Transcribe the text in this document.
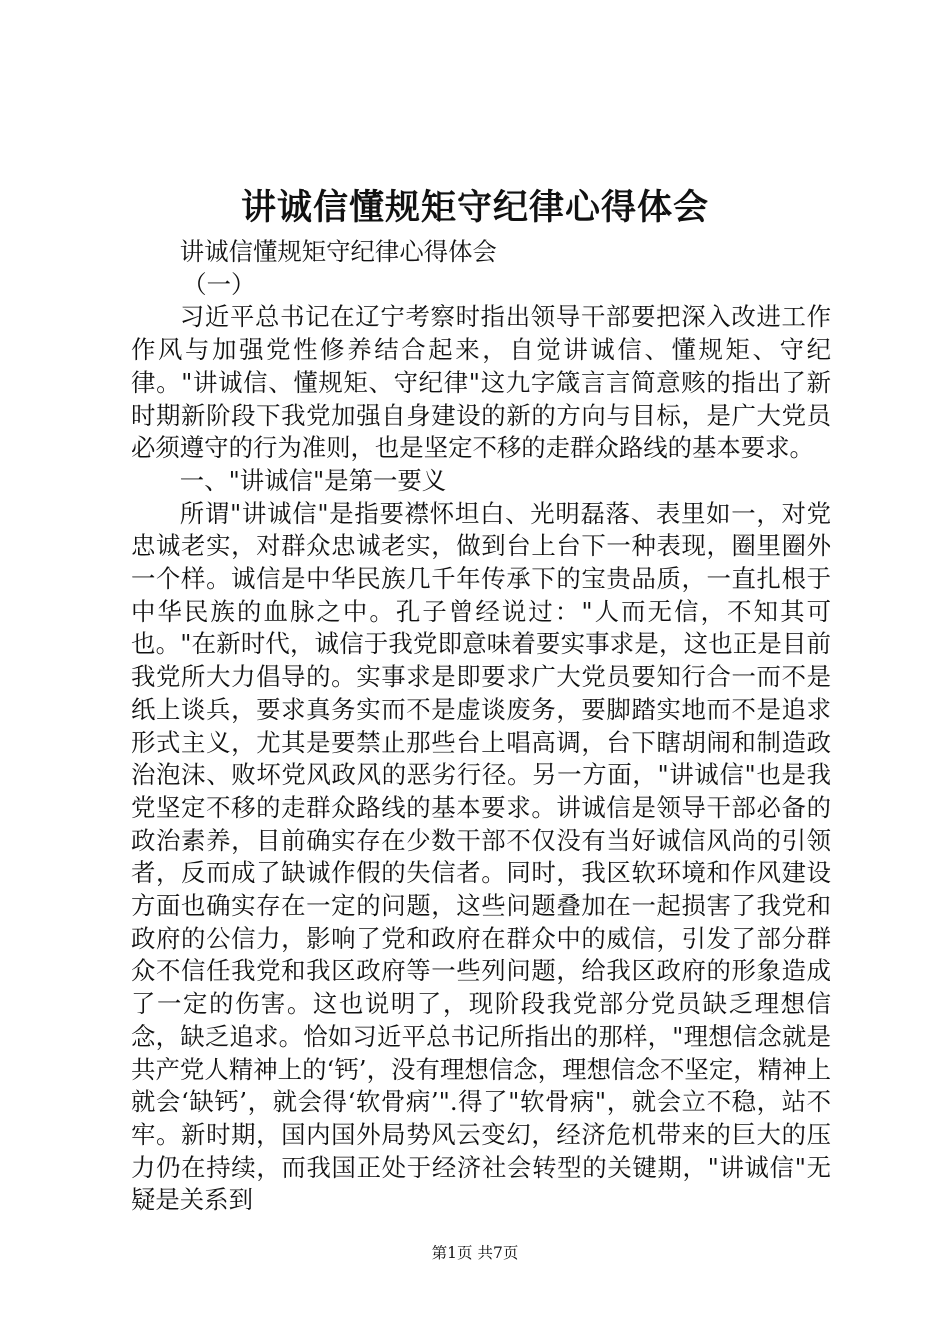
讲诚信懂规矩守纪律心得体会

讲诚信懂规矩守纪律心得体会

（一）

习近平总书记在辽宁考察时指出领导干部要把深入改进工作作风与加强党性修养结合起来，自觉讲诚信、懂规矩、守纪律。"讲诚信、懂规矩、守纪律"这九字箴言言简意赅的指出了新时期新阶段下我党加强自身建设的新的方向与目标，是广大党员必须遵守的行为准则，也是坚定不移的走群众路线的基本要求。

一、"讲诚信"是第一要义

所谓"讲诚信"是指要襟怀坦白、光明磊落、表里如一，对党忠诚老实，对群众忠诚老实，做到台上台下一种表现，圈里圈外一个样。诚信是中华民族几千年传承下的宝贵品质，一直扎根于中华民族的血脉之中。孔子曾经说过："人而无信，不知其可也。"在新时代，诚信于我党即意味着要实事求是，这也正是目前我党所大力倡导的。实事求是即要求广大党员要知行合一而不是纸上谈兵，要求真务实而不是虚谈废务，要脚踏实地而不是追求形式主义，尤其是要禁止那些台上唱高调，台下瞎胡闹和制造政治泡沫、败坏党风政风的恶劣行径。另一方面，"讲诚信"也是我党坚定不移的走群众路线的基本要求。讲诚信是领导干部必备的政治素养，目前确实存在少数干部不仅没有当好诚信风尚的引领者，反而成了缺诚作假的失信者。同时，我区软环境和作风建设方面也确实存在一定的问题，这些问题叠加在一起损害了我党和政府的公信力，影响了党和政府在群众中的威信，引发了部分群众不信任我党和我区政府等一些列问题，给我区政府的形象造成了一定的伤害。这也说明了，现阶段我党部分党员缺乏理想信念，缺乏追求。恰如习近平总书记所指出的那样，"理想信念就是共产党人精神上的‘钙’，没有理想信念，理想信念不坚定，精神上就会‘缺钙’，就会得‘软骨病’".得了"软骨病"，就会立不稳，站不牢。新时期，国内国外局势风云变幻，经济危机带来的巨大的压力仍在持续，而我国正处于经济社会转型的关键期，"讲诚信"无疑是关系到

第1页 共7页
